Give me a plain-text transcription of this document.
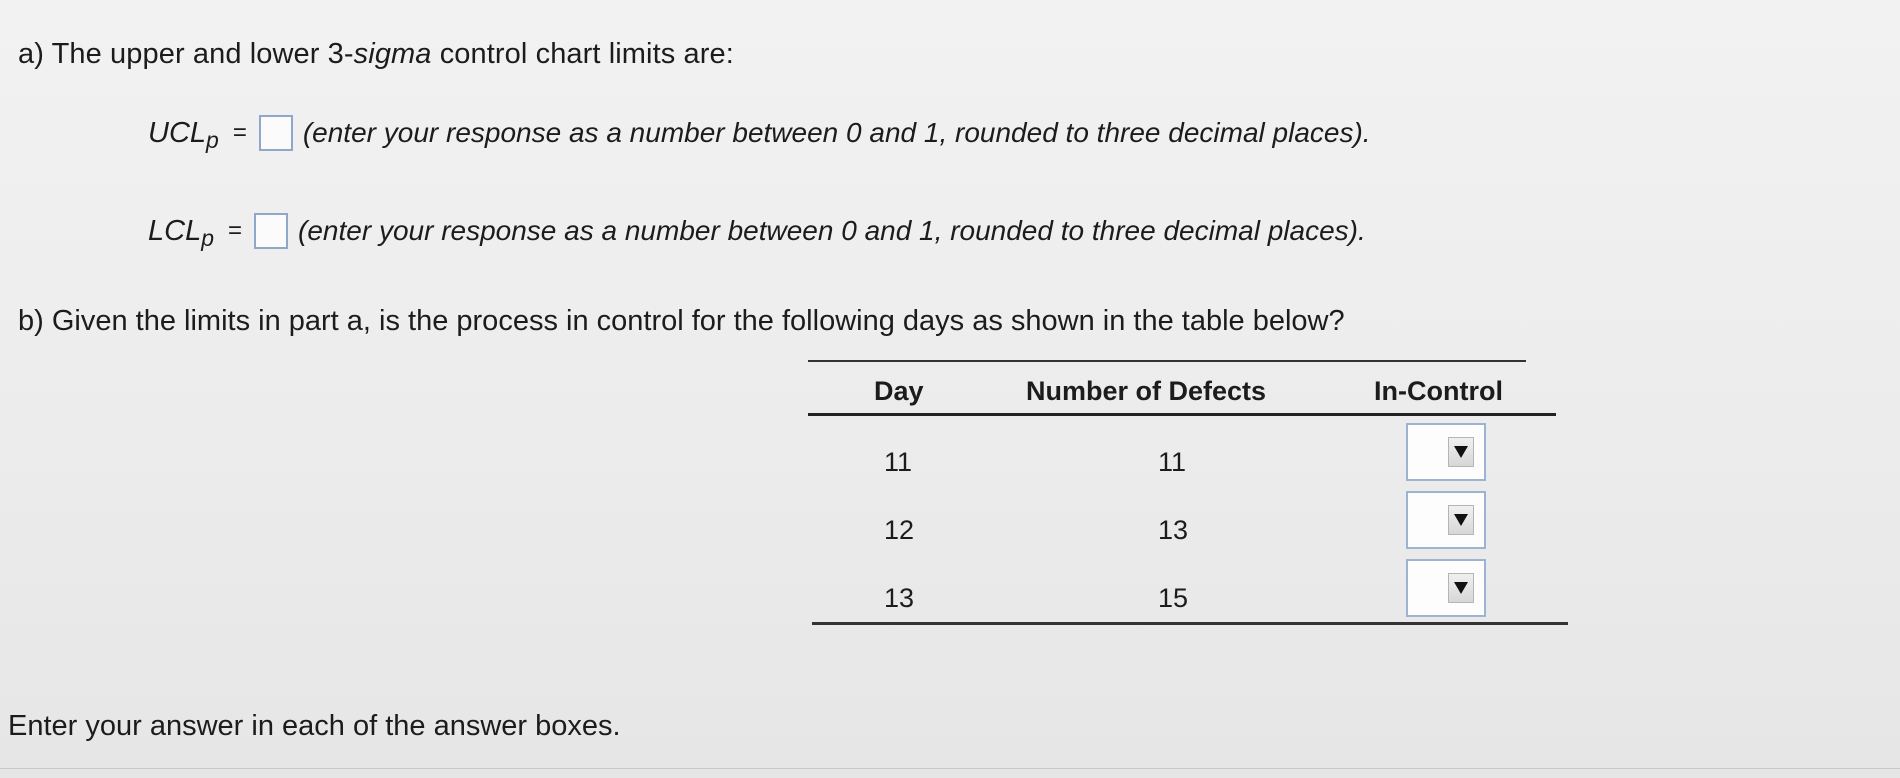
a) The upper and lower 3-sigma control chart limits are:
$UCL_p$ = (enter your response as a number between 0 and 1, rounded to three decimal places).
$LCL_p$ = (enter your response as a number between 0 and 1, rounded to three decimal places).
b) Given the limits in part a, is the process in control for the following days as shown in the table below?
Day	Number of Defects	In-Control
11	11
12	13
13	15
Enter your answer in each of the answer boxes.
